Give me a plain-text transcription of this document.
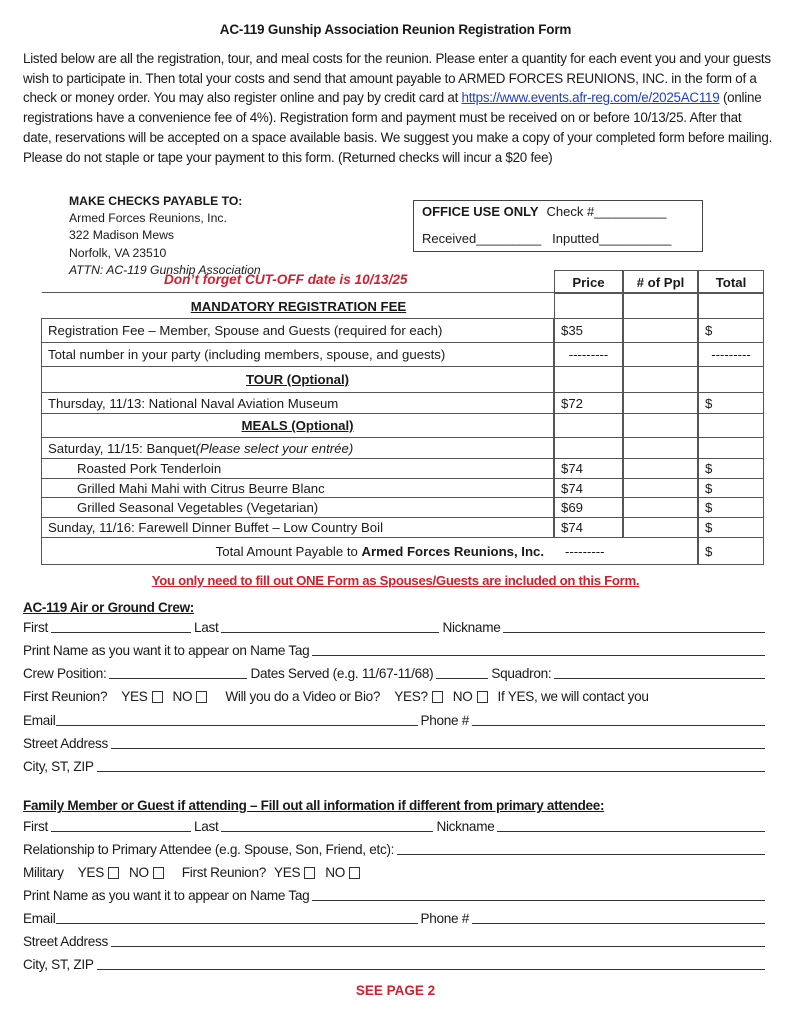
AC-119 Gunship Association Reunion Registration Form
Listed below are all the registration, tour, and meal costs for the reunion. Please enter a quantity for each event you and your guests wish to participate in. Then total your costs and send that amount payable to ARMED FORCES REUNIONS, INC. in the form of a check or money order. You may also register online and pay by credit card at https://www.events.afr-reg.com/e/2025AC119 (online registrations have a convenience fee of 4%). Registration form and payment must be received on or before 10/13/25. After that date, reservations will be accepted on a space available basis. We suggest you make a copy of your completed form before mailing. Please do not staple or tape your payment to this form. (Returned checks will incur a $20 fee)
MAKE CHECKS PAYABLE TO:
Armed Forces Reunions, Inc.
322 Madison Mews
Norfolk, VA 23510
ATTN: AC-119 Gunship Association
OFFICE USE ONLY Check #__________
Received_________ Inputted__________
Don’t forget CUT-OFF date is 10/13/25	Price	# of Ppl	Total
MANDATORY REGISTRATION FEE
Registration Fee – Member, Spouse and Guests (required for each)	$35	$
Total number in your party (including members, spouse, and guests)	---------	---------
TOUR (Optional)
Thursday, 11/13: National Naval Aviation Museum	$72	$
MEALS (Optional)
Saturday, 11/15: Banquet (Please select your entrée)
Roasted Pork Tenderloin	$74	$
Grilled Mahi Mahi with Citrus Beurre Blanc	$74	$
Grilled Seasonal Vegetables (Vegetarian)	$69	$
Sunday, 11/16: Farewell Dinner Buffet – Low Country Boil	$74	$
Total Amount Payable to Armed Forces Reunions, Inc.	---------	$
You only need to fill out ONE Form as Spouses/Guests are included on this Form.
AC-119 Air or Ground Crew:
First	Last	Nickname
Print Name as you want it to appear on Name Tag
Crew Position:	Dates Served (e.g. 11/67-11/68)	Squadron:
First Reunion? YES NO Will you do a Video or Bio? YES? NO If YES, we will contact you
Email	Phone #
Street Address
City, ST, ZIP
Family Member or Guest if attending – Fill out all information if different from primary attendee:
First	Last	Nickname
Relationship to Primary Attendee (e.g. Spouse, Son, Friend, etc):
Military YES NO First Reunion? YES NO
Print Name as you want it to appear on Name Tag
Email	Phone #
Street Address
City, ST, ZIP
SEE PAGE 2
